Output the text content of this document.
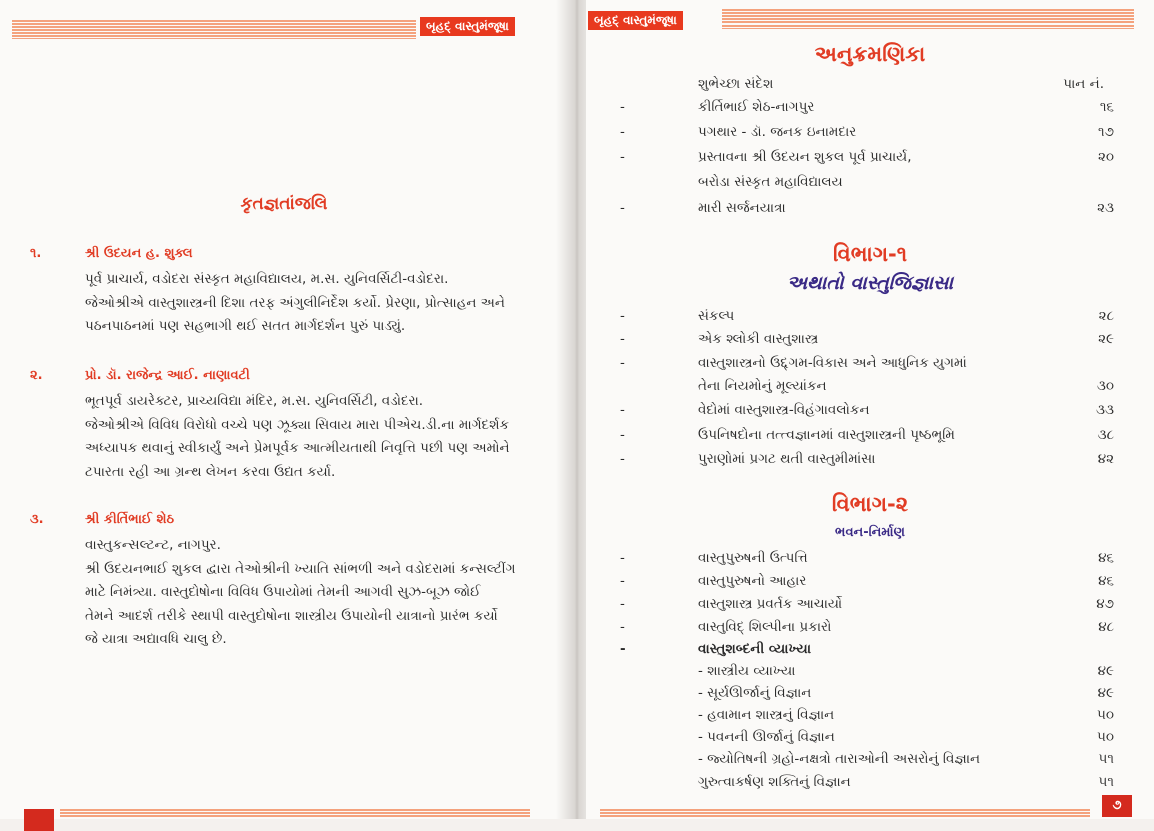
બૃહદ્ વાસ્તુમંજૂષા
કૃતજ્ઞતાંજલિ
૧.	શ્રી ઉદયન હ. શુક્લ
પૂર્વ પ્રાચાર્ય, વડોદરા સંસ્કૃત મહાવિદ્યાલય, મ.સ. યુનિવર્સિટી-વડોદરા.
જેઓશ્રીએ વાસ્તુશાસ્ત્રની દિશા તરફ અંગુલીનિર્દેશ કર્યો. પ્રેરણા, પ્રોત્સાહન અને
પઠનપાઠનમાં પણ સહભાગી થઈ સતત માર્ગદર્શન પુરું પાડ્યું.
૨.	પ્રો. ડૉ. રાજેન્દ્ર આઈ. નાણાવટી
ભૂતપૂર્વ ડાયરેક્ટર, પ્રાચ્યવિદ્યા મંદિર, મ.સ. યુનિવર્સિટી, વડોદરા.
જેઓશ્રીએ વિવિધ વિરોધો વચ્ચે પણ ઝૂક્યા સિવાય મારા પીએચ.ડી.ના માર્ગદર્શક
અધ્યાપક થવાનું સ્વીકાર્યું અને પ્રેમપૂર્વક આત્મીયતાથી નિવૃત્તિ પછી પણ અમોને
ટપારતા રહી આ ગ્રન્થ લેખન કરવા ઉદ્યત કર્યા.
૩.	શ્રી કીર્તિભાઈ શેઠ
વાસ્તુકન્સલ્ટન્ટ, નાગપુર.
શ્રી ઉદયનભાઈ શુકલ દ્વારા તેઓશ્રીની ખ્યાતિ સાંભળી અને વડોદરામાં કન્સલ્ટીંગ
માટે નિમંત્ર્યા. વાસ્તુદોષોના વિવિધ ઉપાયોમાં તેમની આગવી સુઝ-બૂઝ જોઈ
તેમને આદર્શ તરીકે સ્થાપી વાસ્તુદોષોના શાસ્ત્રીય ઉપાયોની યાત્રાનો પ્રારંભ કર્યો
જે યાત્રા અદ્યાવધિ ચાલુ છે.
બૃહદ્ વાસ્તુમંજૂષા
અનુક્રમણિકા
શુભેચ્છા સંદેશ	પાન નં.
-	કીર્તિભાઈ શેઠ-નાગપુર	૧૬
-	પગથાર - ડૉ. જનક ઇનામદાર	૧૭
-	પ્રસ્તાવના શ્રી ઉદયન શુકલ પૂર્વ પ્રાચાર્ય,	૨૦
બરોડા સંસ્કૃત મહાવિદ્યાલય
-	મારી સર્જનયાત્રા	૨૩
વિભાગ-૧
અથાતો વાસ્તુજિજ્ઞાસા
-	સંકલ્પ	૨૮
-	એક શ્લોકી વાસ્તુશાસ્ત્ર	૨૯
-	વાસ્તુશાસ્ત્રનો ઉદ્દ્ગમ-વિકાસ અને આધુનિક યુગમાં
તેના નિયમોનું મૂલ્યાંકન	૩૦
-	વેદોમાં વાસ્તુશાસ્ત્ર-વિહંગાવલોકન	૩૩
-	ઉપનિષદોના તત્ત્વજ્ઞાનમાં વાસ્તુશાસ્ત્રની પૃષ્ઠભૂમિ	૩૮
-	પુરાણોમાં પ્રગટ થતી વાસ્તુમીમાંસા	૪૨
વિભાગ-૨
ભવન-નિર્માણ
-	વાસ્તુપુરુષની ઉત્પત્તિ	૪૬
-	વાસ્તુપુરુષનો આહાર	૪૬
-	વાસ્તુશાસ્ત્ર પ્રવર્તક આચાર્યો	૪૭
-	વાસ્તુવિદ્ શિલ્પીના પ્રકારો	૪૮
-	વાસ્તુશબ્દની વ્યાખ્યા
- શાસ્ત્રીય વ્યાખ્યા	૪૯
- સૂર્યઊર્જાનું વિજ્ઞાન	૪૯
- હવામાન શાસ્ત્રનું વિજ્ઞાન	૫૦
- પવનની ઊર્જાનું વિજ્ઞાન	૫૦
- જ્યોતિષની ગ્રહો-નક્ષત્રો તારાઓની અસરોનું વિજ્ઞાન	૫૧
ગુરુત્વાકર્ષણ શક્તિનું વિજ્ઞાન	૫૧
૭
